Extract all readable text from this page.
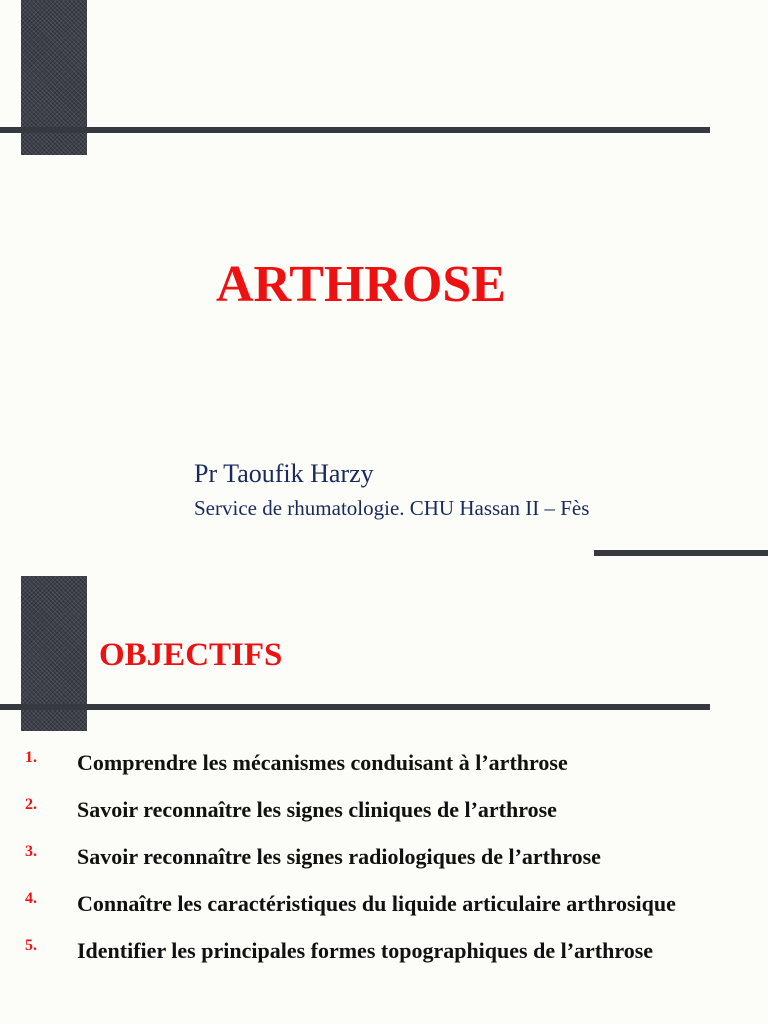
ARTHROSE

Pr Taoufik Harzy

Service de rhumatologie. CHU Hassan II – Fès

OBJECTIFS
1. Comprendre les mécanismes conduisant à l’arthrose
2. Savoir reconnaître les signes cliniques de l’arthrose
3. Savoir reconnaître les signes radiologiques de l’arthrose
4. Connaître les caractéristiques du liquide articulaire arthrosique
5. Identifier les principales formes topographiques de l’arthrose
